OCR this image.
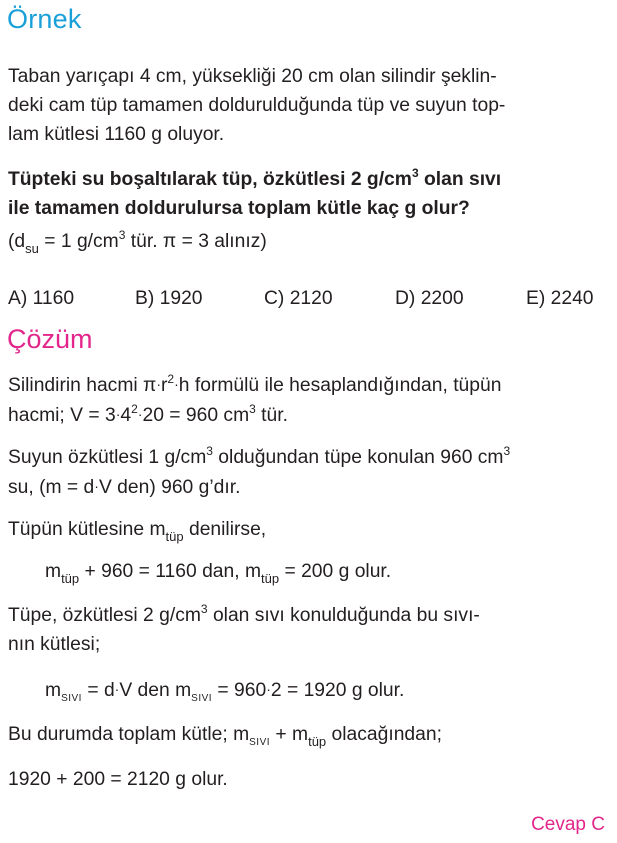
Örnek
Taban yarıçapı 4 cm, yüksekliği 20 cm olan silindir şeklin-
deki cam tüp tamamen doldurulduğunda tüp ve suyun top-
lam kütlesi 1160 g oluyor.
Tüpteki su boşaltılarak tüp, özkütlesi 2 $g/cm^3$ olan sıvı
ile tamamen doldurulursa toplam kütle kaç g olur?
($d_{su} = 1$ $g/cm^3$ tür. π = 3 alınız)
A) 1160	B) 1920	C) 2120	D) 2200	E) 2240
Çözüm
Silindirin hacmi $\pi\cdot r^2\cdot h$ formülü ile hesaplandığından, tüpün
hacmi; $V = 3\cdot 4^2\cdot 20 = 960$ $cm^3$ tür.
Suyun özkütlesi 1 $g/cm^3$ olduğundan tüpe konulan 960 $cm^3$
su, (m = d·V den) 960 g’dır.
Tüpün kütlesine $m_{tüp}$ denilirse,
$m_{tüp} + 960 = 1160$ dan, $m_{tüp} = 200$ g olur.
Tüpe, özkütlesi 2 $g/cm^3$ olan sıvı konulduğunda bu sıvı-
nın kütlesi;
$m_{SIVI} = d\cdot V$ den $m_{SIVI} = 960\cdot 2 = 1920$ g olur.
Bu durumda toplam kütle; $m_{SIVI} + m_{tüp}$ olacağından;
1920 + 200 = 2120 g olur.
Cevap C
